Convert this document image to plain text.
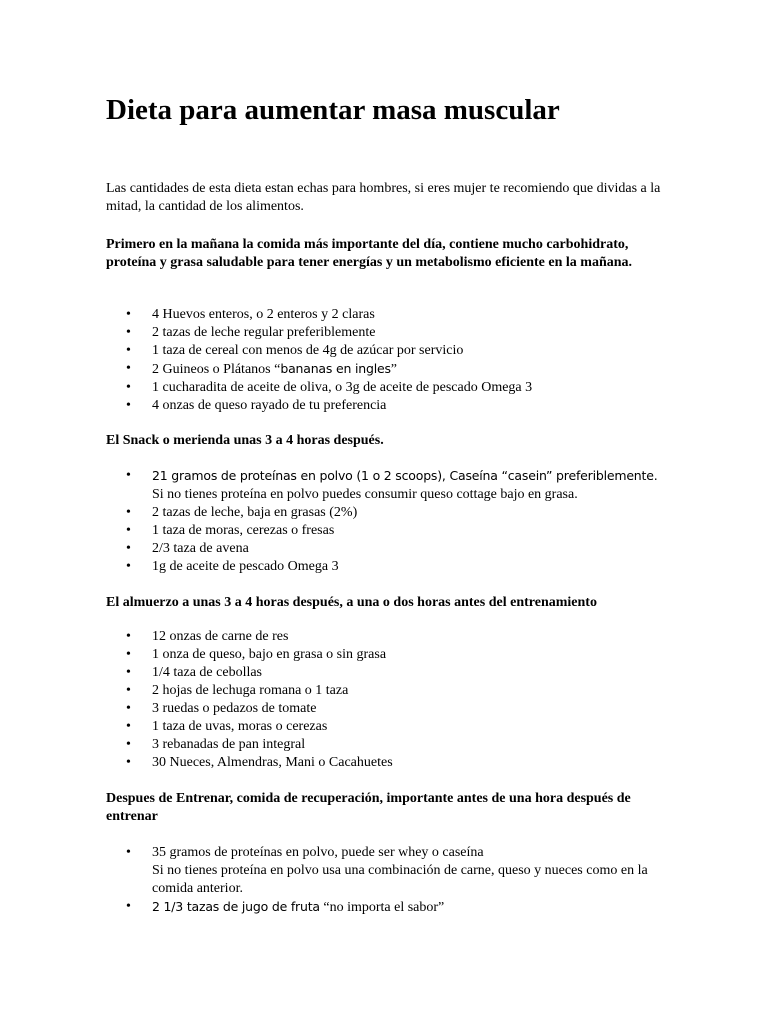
Dieta para aumentar masa muscular

Las cantidades de esta dieta estan echas para hombres, si eres mujer te recomiendo que dividas a la mitad, la cantidad de los alimentos.

Primero en la mañana la comida más importante del día, contiene mucho carbohidrato, proteína y grasa saludable para tener energías y un metabolismo eficiente en la mañana.

• 4 Huevos enteros, o 2 enteros y 2 claras
• 2 tazas de leche regular preferiblemente
• 1 taza de cereal con menos de 4g de azúcar por servicio
• 2 Guineos o Plátanos “bananas en ingles”
• 1 cucharadita de aceite de oliva, o 3g de aceite de pescado Omega 3
• 4 onzas de queso rayado de tu preferencia

El Snack o merienda unas 3 a 4 horas después.

• 21 gramos de proteínas en polvo (1 o 2 scoops), Caseína “casein” preferiblemente.
Si no tienes proteína en polvo puedes consumir queso cottage bajo en grasa.
• 2 tazas de leche, baja en grasas (2%)
• 1 taza de moras, cerezas o fresas
• 2/3 taza de avena
• 1g de aceite de pescado Omega 3

El almuerzo a unas 3 a 4 horas después, a una o dos horas antes del entrenamiento

• 12 onzas de carne de res
• 1 onza de queso, bajo en grasa o sin grasa
• 1/4 taza de cebollas
• 2 hojas de lechuga romana o 1 taza
• 3 ruedas o pedazos de tomate
• 1 taza de uvas, moras o cerezas
• 3 rebanadas de pan integral
• 30 Nueces, Almendras, Mani o Cacahuetes

Despues de Entrenar, comida de recuperación, importante antes de una hora después de entrenar

• 35 gramos de proteínas en polvo, puede ser whey o caseína
Si no tienes proteína en polvo usa una combinación de carne, queso y nueces como en la comida anterior.
• 2 1/3 tazas de jugo de fruta “no importa el sabor”
